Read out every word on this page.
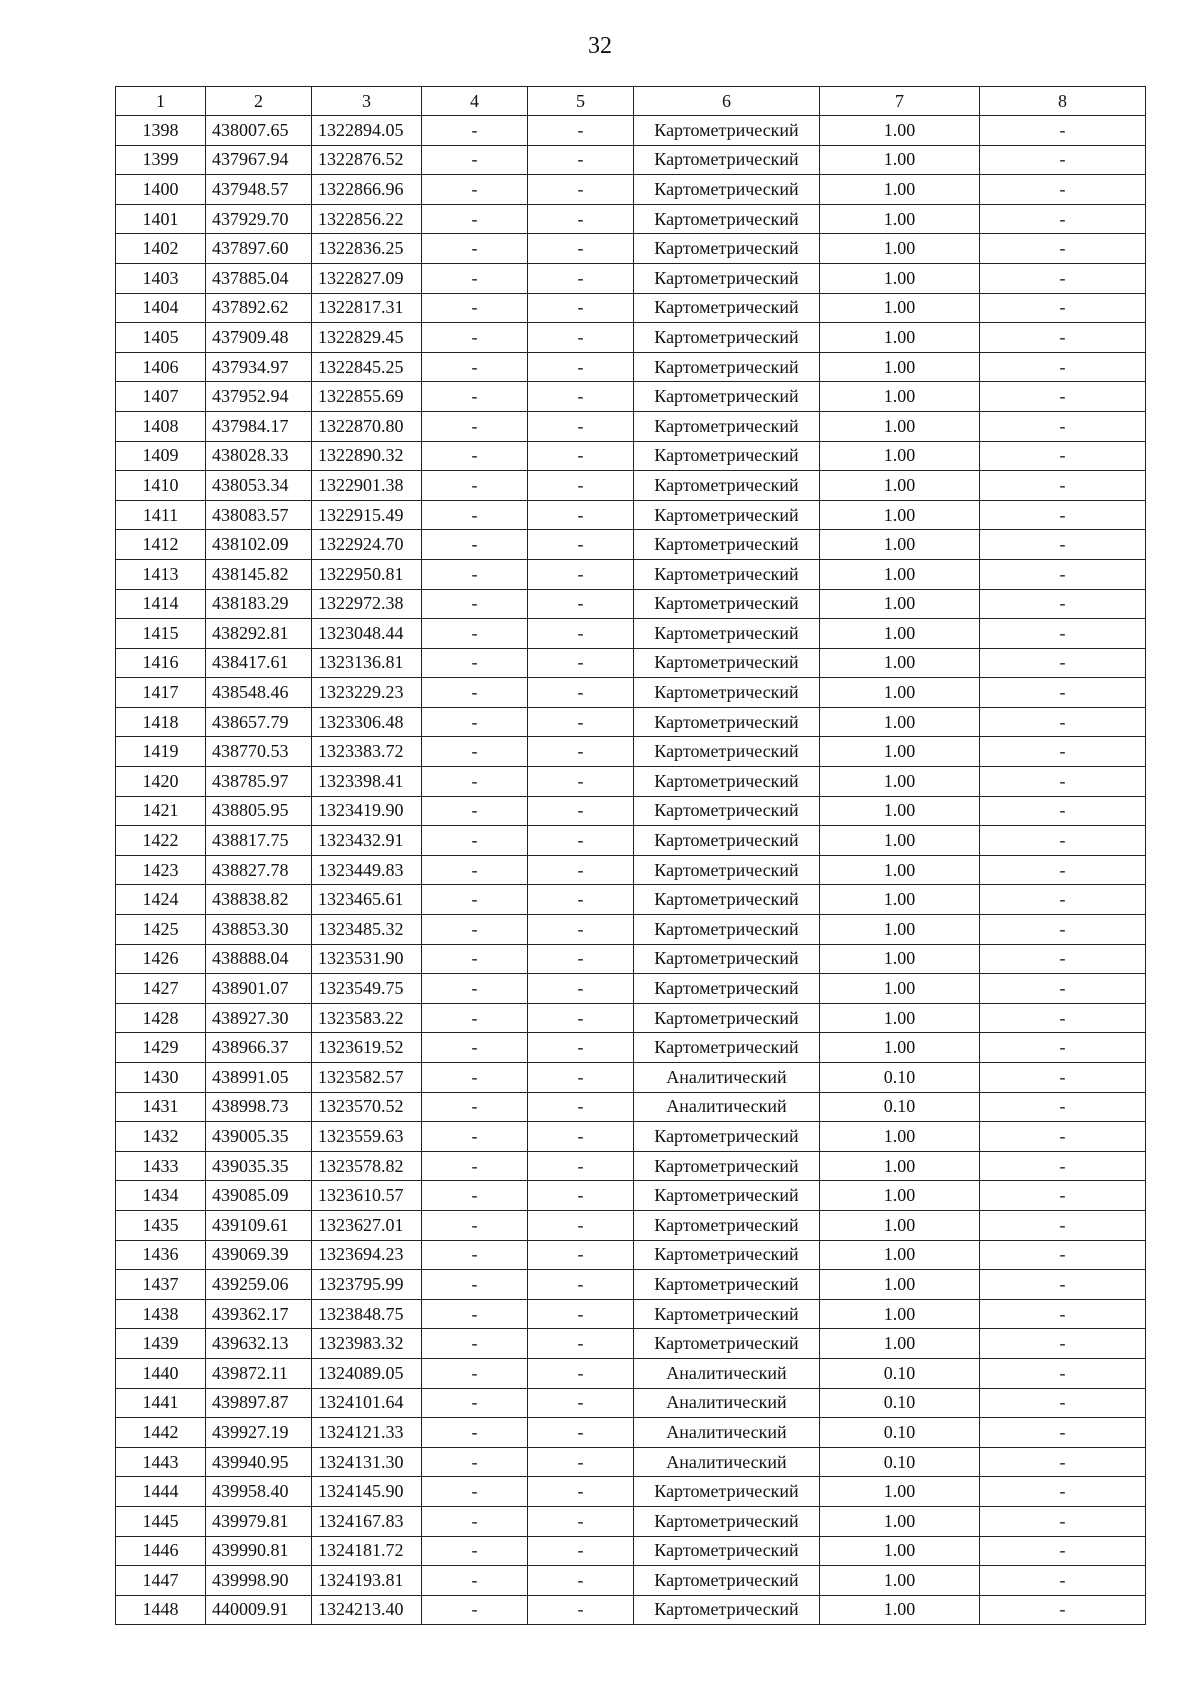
32
1	2	3	4	5	6	7	8
1398	438007.65	1322894.05	-	-	Картометрический	1.00	-
1399	437967.94	1322876.52	-	-	Картометрический	1.00	-
1400	437948.57	1322866.96	-	-	Картометрический	1.00	-
1401	437929.70	1322856.22	-	-	Картометрический	1.00	-
1402	437897.60	1322836.25	-	-	Картометрический	1.00	-
1403	437885.04	1322827.09	-	-	Картометрический	1.00	-
1404	437892.62	1322817.31	-	-	Картометрический	1.00	-
1405	437909.48	1322829.45	-	-	Картометрический	1.00	-
1406	437934.97	1322845.25	-	-	Картометрический	1.00	-
1407	437952.94	1322855.69	-	-	Картометрический	1.00	-
1408	437984.17	1322870.80	-	-	Картометрический	1.00	-
1409	438028.33	1322890.32	-	-	Картометрический	1.00	-
1410	438053.34	1322901.38	-	-	Картометрический	1.00	-
1411	438083.57	1322915.49	-	-	Картометрический	1.00	-
1412	438102.09	1322924.70	-	-	Картометрический	1.00	-
1413	438145.82	1322950.81	-	-	Картометрический	1.00	-
1414	438183.29	1322972.38	-	-	Картометрический	1.00	-
1415	438292.81	1323048.44	-	-	Картометрический	1.00	-
1416	438417.61	1323136.81	-	-	Картометрический	1.00	-
1417	438548.46	1323229.23	-	-	Картометрический	1.00	-
1418	438657.79	1323306.48	-	-	Картометрический	1.00	-
1419	438770.53	1323383.72	-	-	Картометрический	1.00	-
1420	438785.97	1323398.41	-	-	Картометрический	1.00	-
1421	438805.95	1323419.90	-	-	Картометрический	1.00	-
1422	438817.75	1323432.91	-	-	Картометрический	1.00	-
1423	438827.78	1323449.83	-	-	Картометрический	1.00	-
1424	438838.82	1323465.61	-	-	Картометрический	1.00	-
1425	438853.30	1323485.32	-	-	Картометрический	1.00	-
1426	438888.04	1323531.90	-	-	Картометрический	1.00	-
1427	438901.07	1323549.75	-	-	Картометрический	1.00	-
1428	438927.30	1323583.22	-	-	Картометрический	1.00	-
1429	438966.37	1323619.52	-	-	Картометрический	1.00	-
1430	438991.05	1323582.57	-	-	Аналитический	0.10	-
1431	438998.73	1323570.52	-	-	Аналитический	0.10	-
1432	439005.35	1323559.63	-	-	Картометрический	1.00	-
1433	439035.35	1323578.82	-	-	Картометрический	1.00	-
1434	439085.09	1323610.57	-	-	Картометрический	1.00	-
1435	439109.61	1323627.01	-	-	Картометрический	1.00	-
1436	439069.39	1323694.23	-	-	Картометрический	1.00	-
1437	439259.06	1323795.99	-	-	Картометрический	1.00	-
1438	439362.17	1323848.75	-	-	Картометрический	1.00	-
1439	439632.13	1323983.32	-	-	Картометрический	1.00	-
1440	439872.11	1324089.05	-	-	Аналитический	0.10	-
1441	439897.87	1324101.64	-	-	Аналитический	0.10	-
1442	439927.19	1324121.33	-	-	Аналитический	0.10	-
1443	439940.95	1324131.30	-	-	Аналитический	0.10	-
1444	439958.40	1324145.90	-	-	Картометрический	1.00	-
1445	439979.81	1324167.83	-	-	Картометрический	1.00	-
1446	439990.81	1324181.72	-	-	Картометрический	1.00	-
1447	439998.90	1324193.81	-	-	Картометрический	1.00	-
1448	440009.91	1324213.40	-	-	Картометрический	1.00	-
